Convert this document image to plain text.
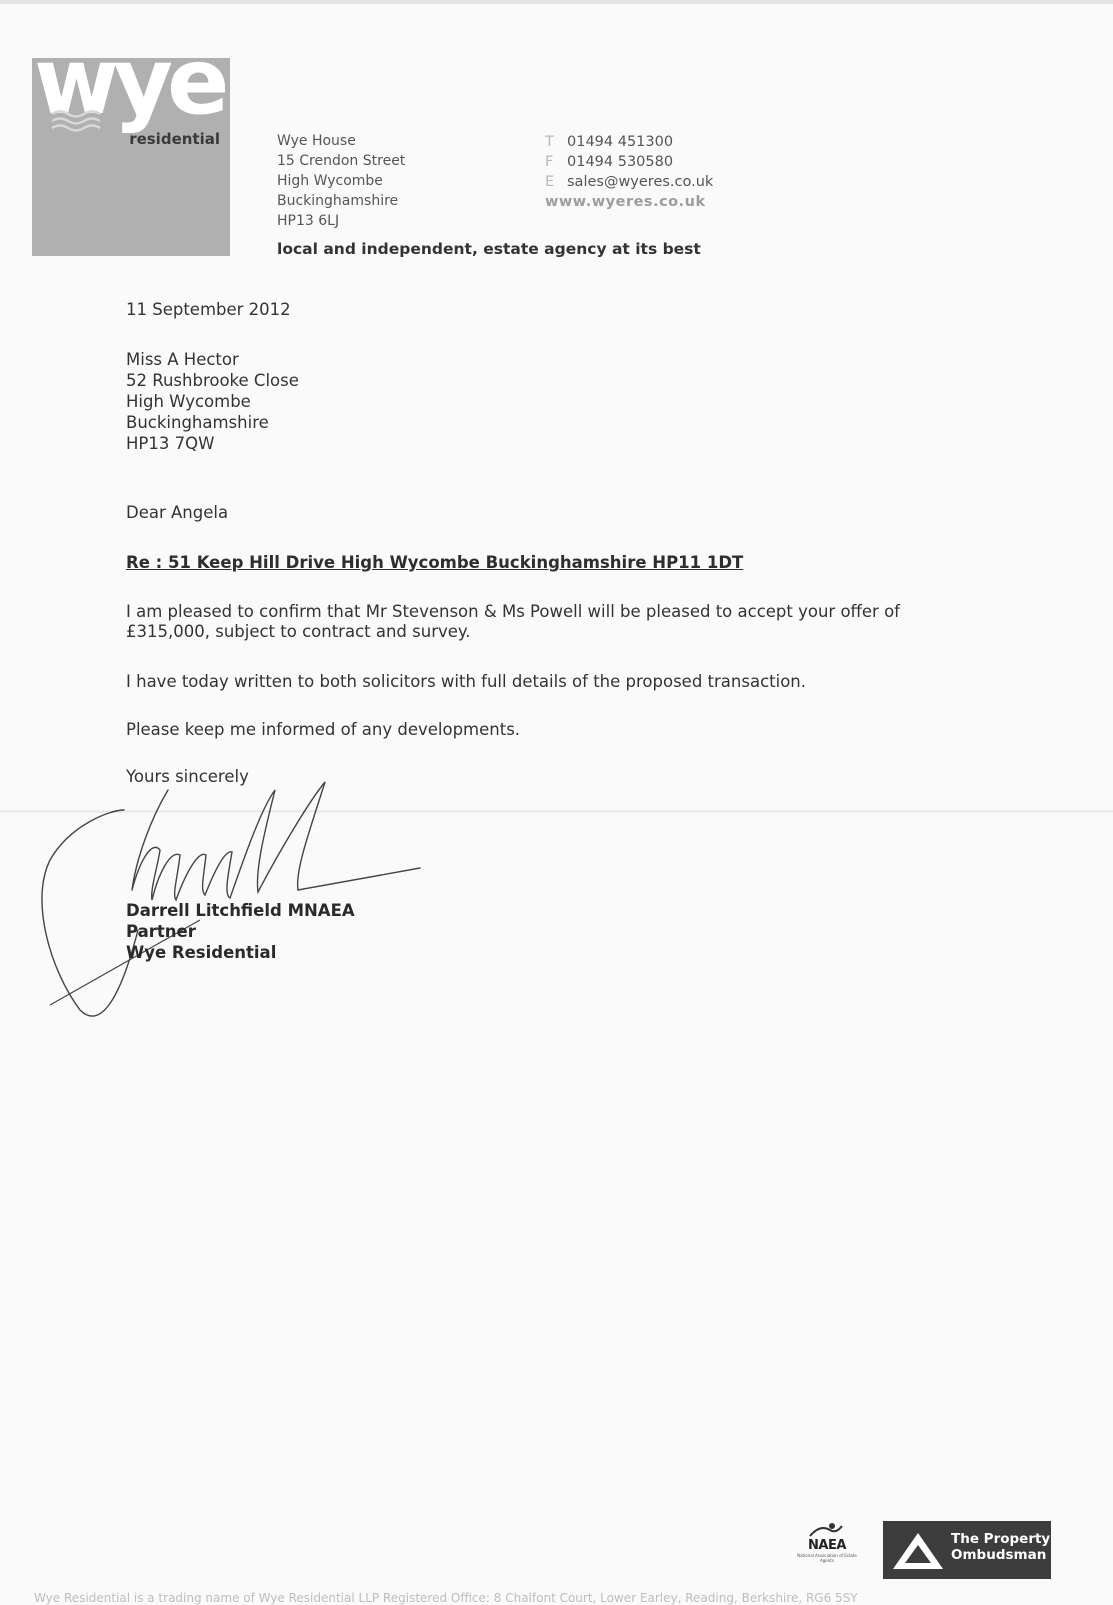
wye
residential	Wye House
15 Crendon Street
High Wycombe
Buckinghamshire
HP13 6LJ
T 01494 451300
F 01494 530580
E sales@wyeres.co.uk
www.wyeres.co.uk
local and independent, estate agency at its best
11 September 2012
Miss A Hector
52 Rushbrooke Close
High Wycombe
Buckinghamshire
HP13 7QW
Dear Angela
Re : 51 Keep Hill Drive High Wycombe Buckinghamshire HP11 1DT
I am pleased to confirm that Mr Stevenson & Ms Powell will be pleased to accept your offer of £315,000, subject to contract and survey.
I have today written to both solicitors with full details of the proposed transaction.
Please keep me informed of any developments.
Yours sincerely
Darrell Litchfield MNAEA
Partner
Wye Residential
NAEA
National Association of Estate Agents
The Property Ombudsman
Wye Residential is a trading name of Wye Residential LLP Registered Office: 8 Chalfont Court, Lower Earley, Reading, Berkshire, RG6 5SY
